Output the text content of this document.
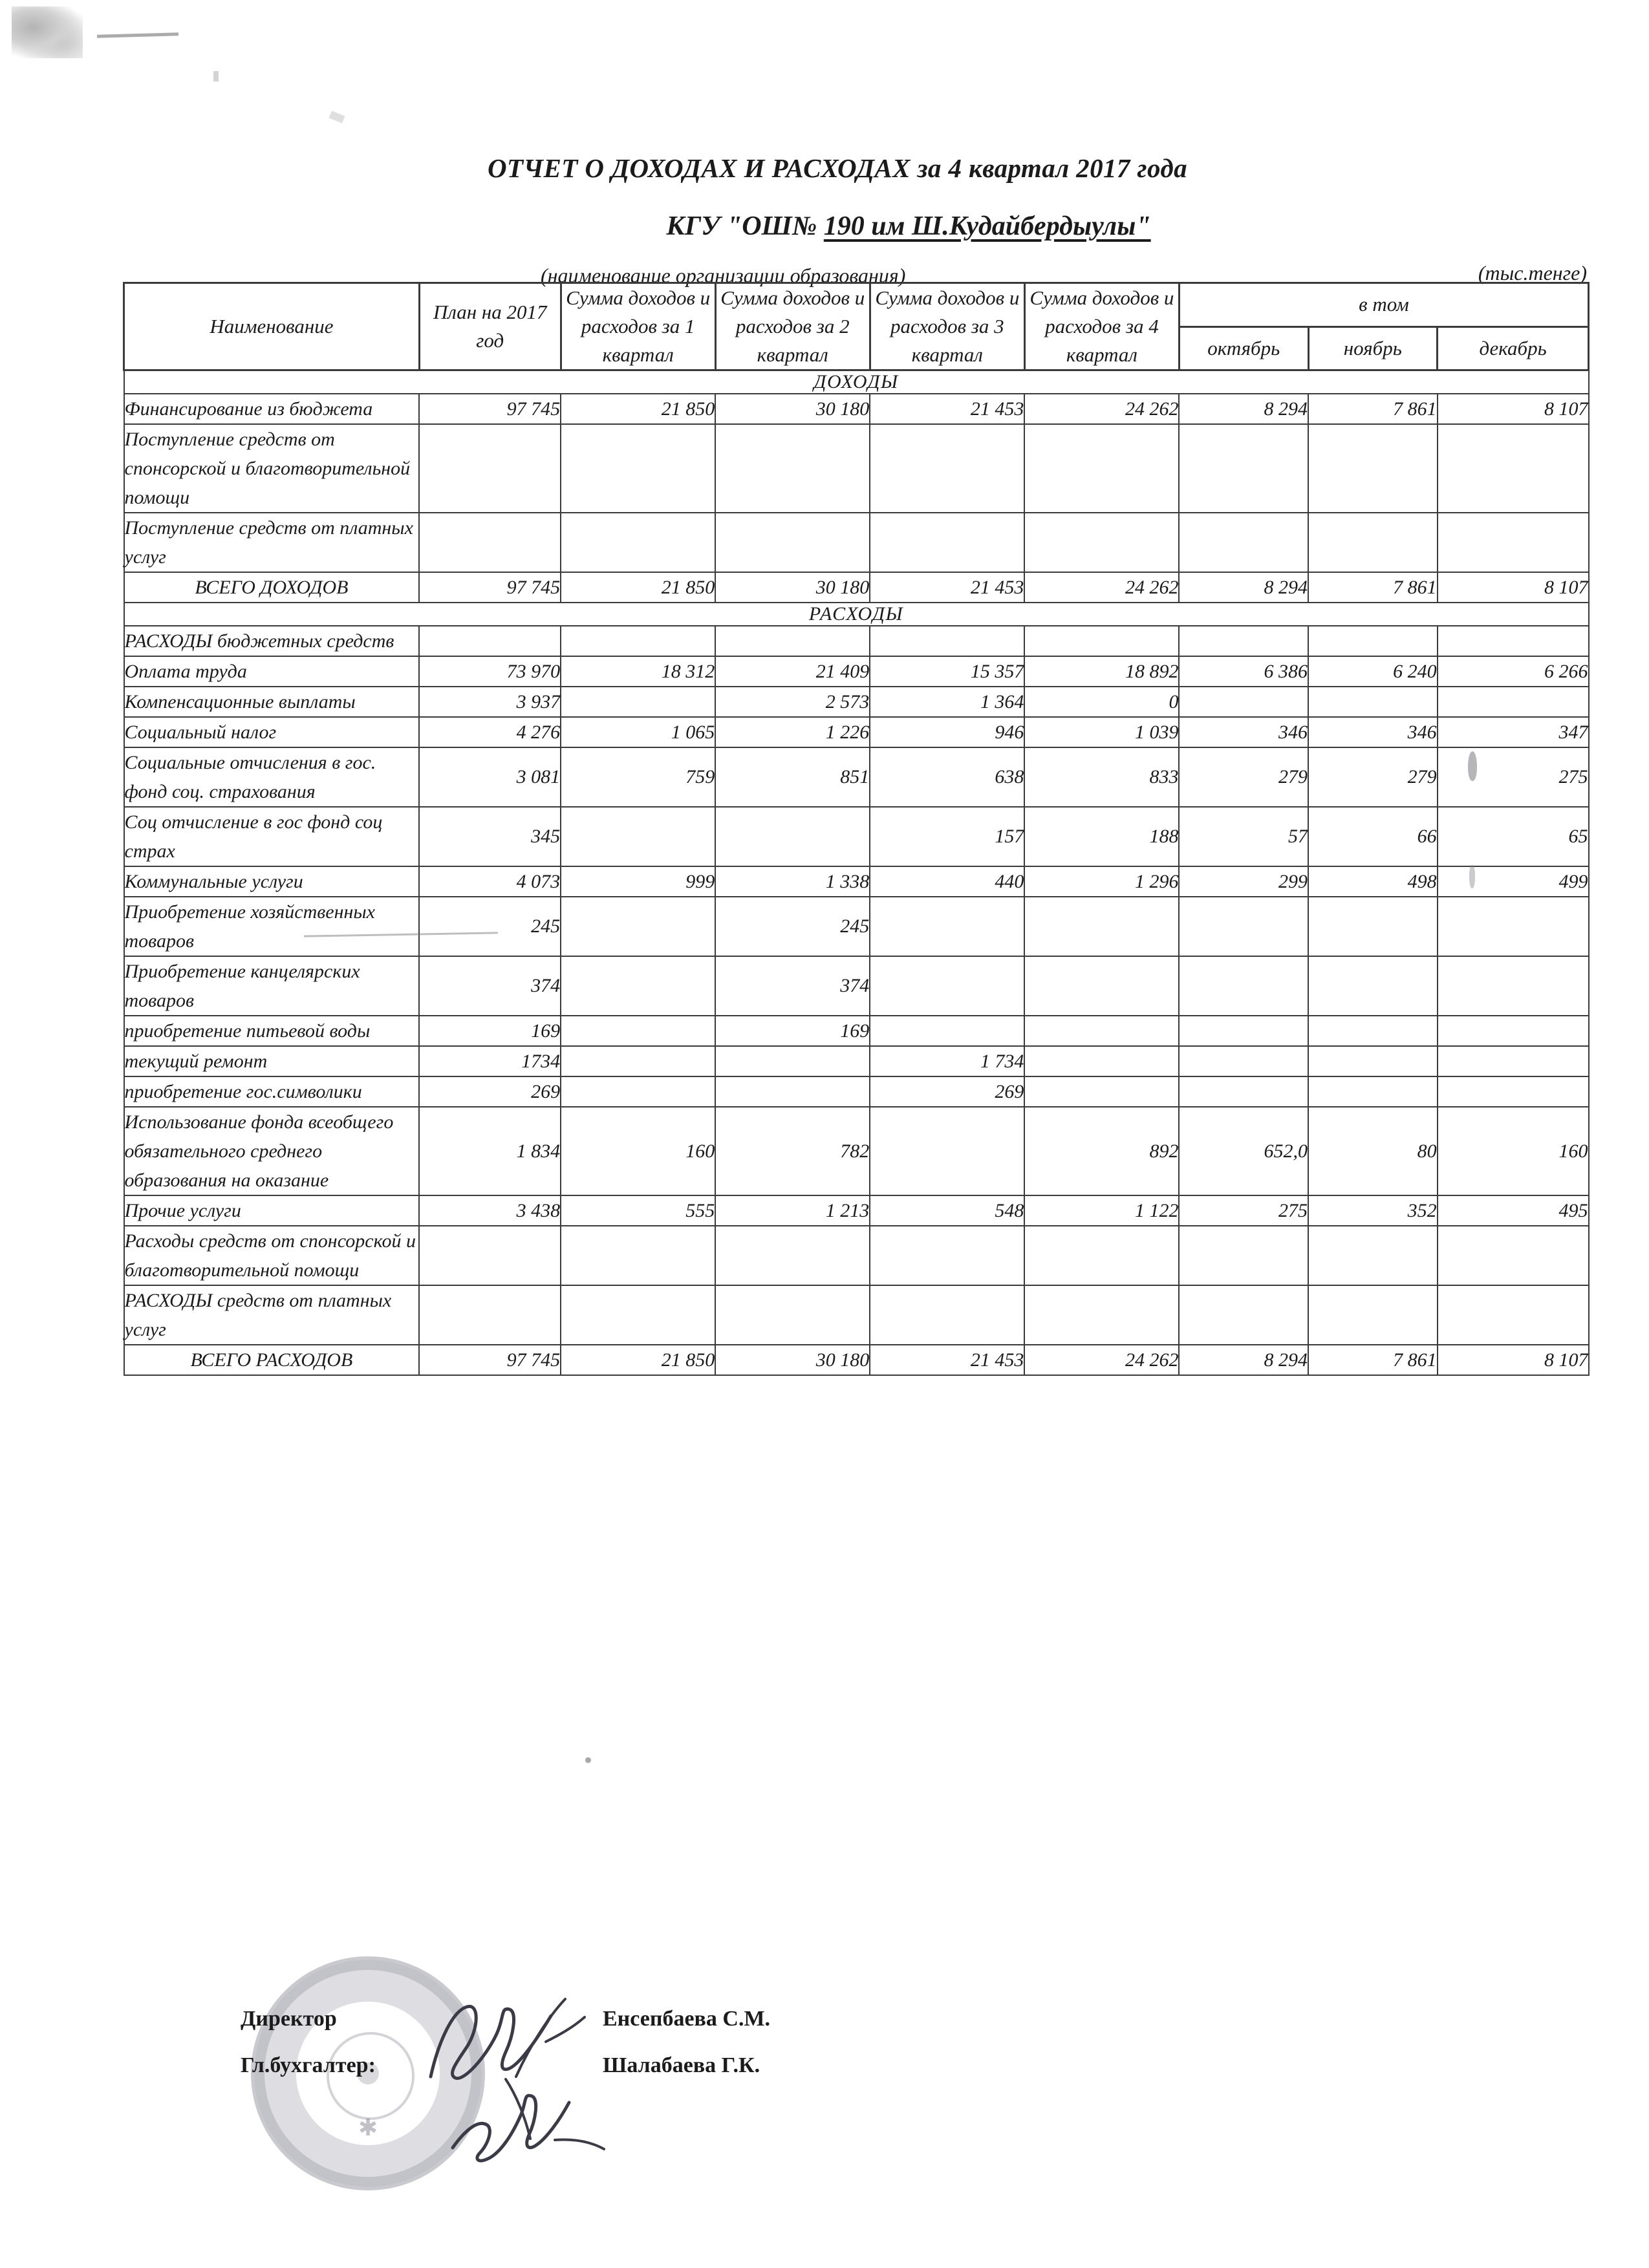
ОТЧЕТ О ДОХОДАХ И РАСХОДАХ за 4 квартал 2017 года
КГУ "ОШ№ 190 им Ш.Кудайбердыулы"
(наименование организации образования)	(тыс.тенге)
Наименование	План на 2017 год	Сумма доходов и расходов за 1 квартал	Сумма доходов и расходов за 2 квартал	Сумма доходов и расходов за 3 квартал	Сумма доходов и расходов за 4 квартал	в том		
						октябрь	ноябрь	декабрь
ДОХОДЫ								
Финансирование из бюджета	97 745	21 850	30 180	21 453	24 262	8 294	7 861	8 107
Поступление средств от спонсорской и благотворительной помощи								
Поступление средств от платных услуг								
ВСЕГО ДОХОДОВ	97 745	21 850	30 180	21 453	24 262	8 294	7 861	8 107
РАСХОДЫ								
РАСХОДЫ бюджетных средств								
Оплата труда	73 970	18 312	21 409	15 357	18 892	6 386	6 240	6 266
Компенсационные выплаты	3 937		2 573	1 364	0			
Социальный налог	4 276	1 065	1 226	946	1 039	346	346	347
Социальные отчисления в гос. фонд соц. страхования	3 081	759	851	638	833	279	279	275
Соц отчисление в гос фонд соц страх	345			157	188	57	66	65
Коммунальные услуги	4 073	999	1 338	440	1 296	299	498	499
Приобретение хозяйственных товаров	245		245					
Приобретение канцелярских товаров	374		374					
приобретение питьевой воды	169		169					
текущий ремонт	1734			1 734				
приобретение гос.символики	269			269				
Использование фонда всеобщего обязательного среднего образования на оказание	1 834	160	782		892	652,0	80	160
Прочие услуги	3 438	555	1 213	548	1 122	275	352	495
Расходы средств от спонсорской и благотворительной помощи								
РАСХОДЫ средств от платных услуг								
ВСЕГО РАСХОДОВ	97 745	21 850	30 180	21 453	24 262	8 294	7 861	8 107
✱
Директор	Енсепбаева С.М.
Гл.бухгалтер:	Шалабаева Г.К.
